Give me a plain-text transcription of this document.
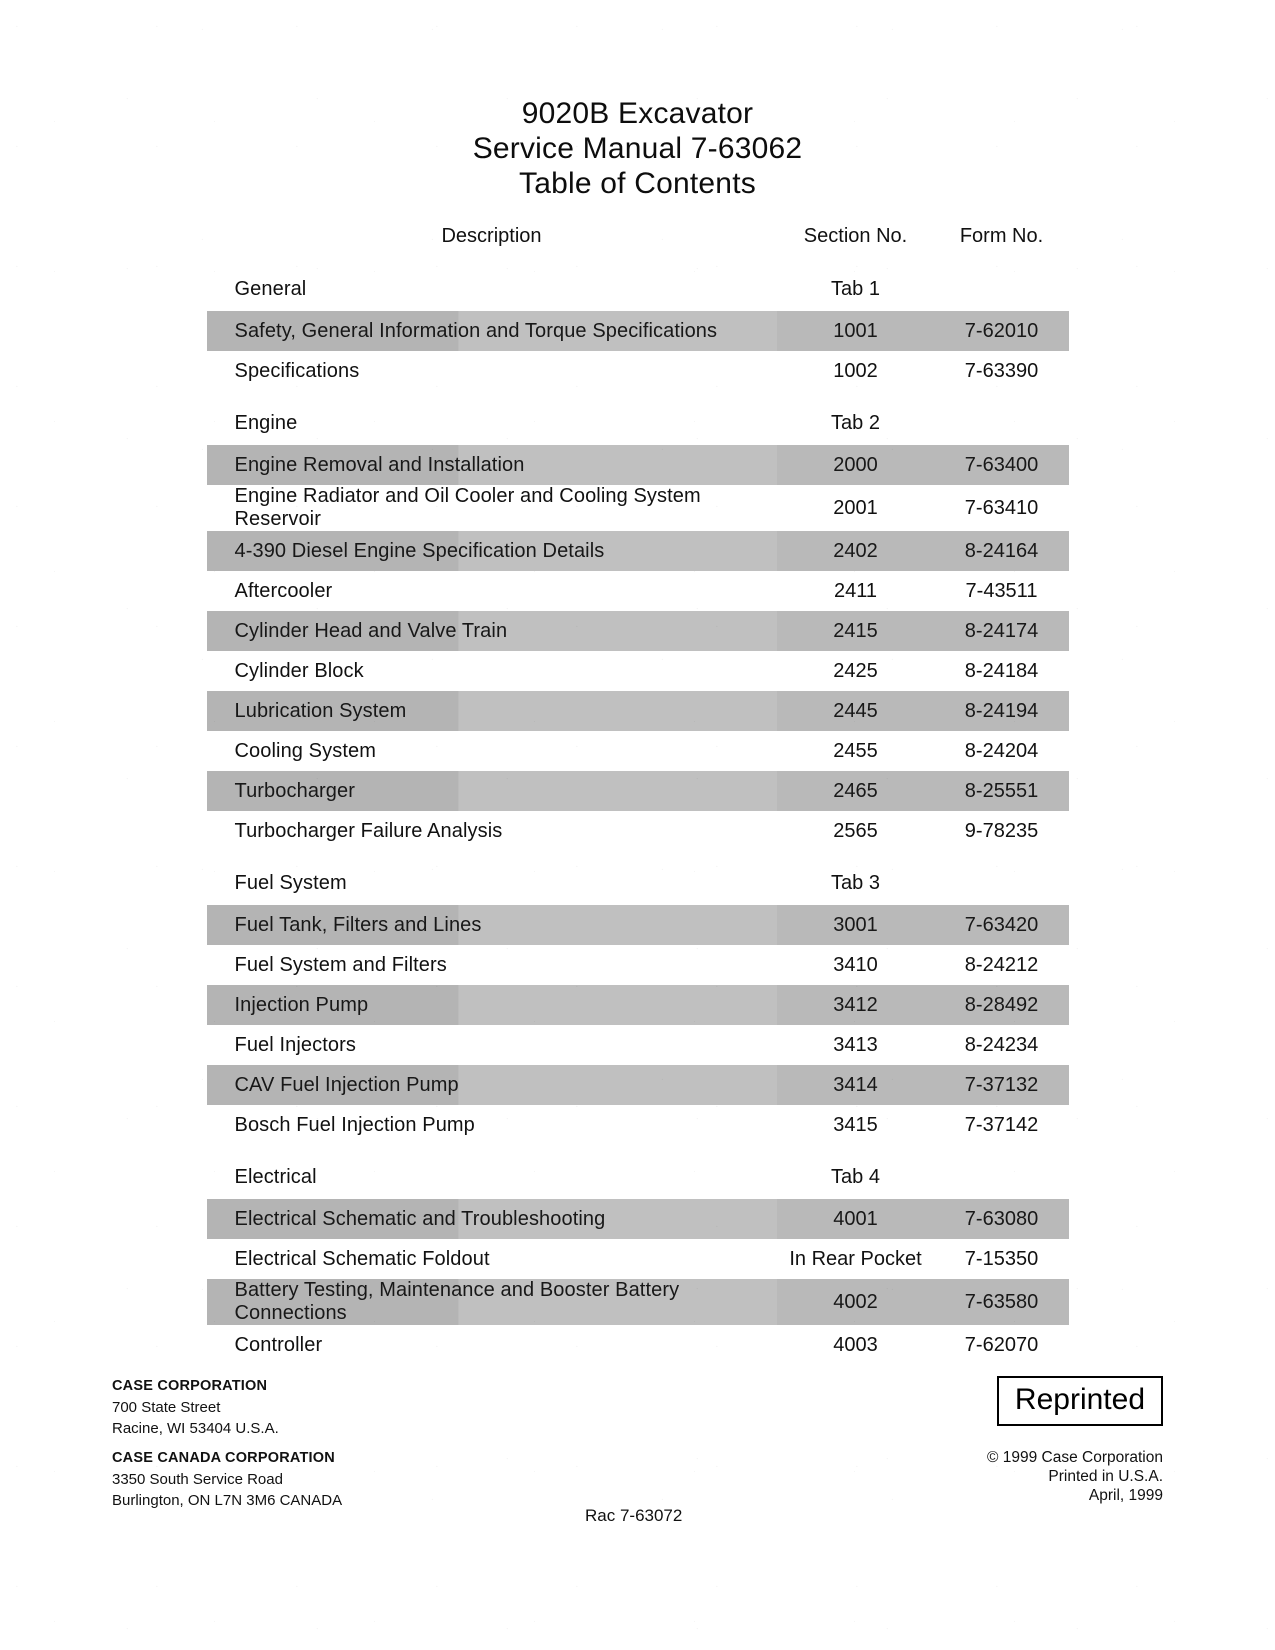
9020B Excavator
Service Manual 7-63062
Table of Contents
Description	Section No.	Form No.
General	Tab 1	
Safety, General Information and Torque Specifications	1001	7-62010
Specifications	1002	7-63390
Engine	Tab 2	
Engine Removal and Installation	2000	7-63400
Engine Radiator and Oil Cooler and Cooling System Reservoir	2001	7-63410
4-390 Diesel Engine Specification Details	2402	8-24164
Aftercooler	2411	7-43511
Cylinder Head and Valve Train	2415	8-24174
Cylinder Block	2425	8-24184
Lubrication System	2445	8-24194
Cooling System	2455	8-24204
Turbocharger	2465	8-25551
Turbocharger Failure Analysis	2565	9-78235
Fuel System	Tab 3	
Fuel Tank, Filters and Lines	3001	7-63420
Fuel System and Filters	3410	8-24212
Injection Pump	3412	8-28492
Fuel Injectors	3413	8-24234
CAV Fuel Injection Pump	3414	7-37132
Bosch Fuel Injection Pump	3415	7-37142
Electrical	Tab 4	
Electrical Schematic and Troubleshooting	4001	7-63080
Electrical Schematic Foldout	In Rear Pocket	7-15350
Battery Testing, Maintenance and Booster Battery Connections	4002	7-63580
Controller	4003	7-62070
CASE CORPORATION
700 State Street
Racine, WI 53404 U.S.A.
CASE CANADA CORPORATION
3350 South Service Road
Burlington, ON L7N 3M6 CANADA
Rac 7-63072
Reprinted
© 1999 Case Corporation
Printed in U.S.A.
April, 1999
